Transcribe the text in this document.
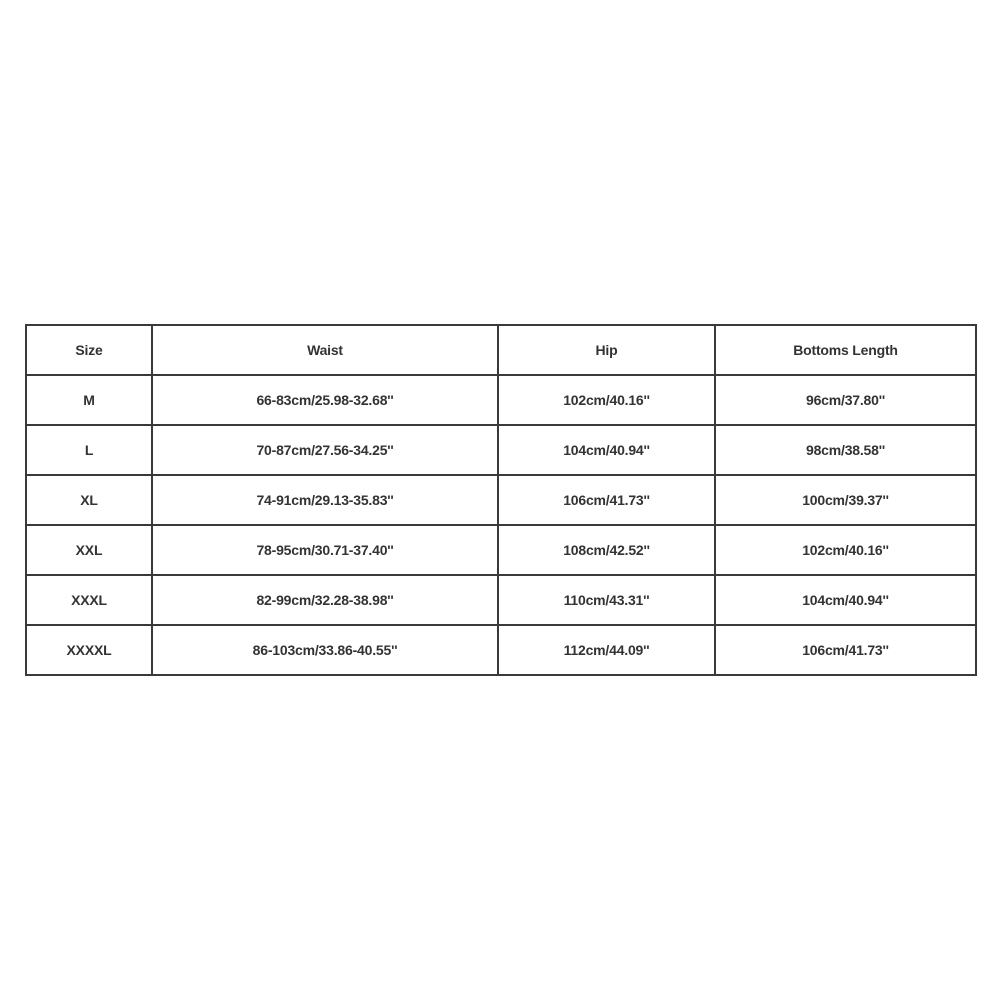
Size	Waist	Hip	Bottoms Length
M	66-83cm/25.98-32.68''	102cm/40.16''	96cm/37.80''
L	70-87cm/27.56-34.25''	104cm/40.94''	98cm/38.58''
XL	74-91cm/29.13-35.83''	106cm/41.73''	100cm/39.37''
XXL	78-95cm/30.71-37.40''	108cm/42.52''	102cm/40.16''
XXXL	82-99cm/32.28-38.98''	110cm/43.31''	104cm/40.94''
XXXXL	86-103cm/33.86-40.55''	112cm/44.09''	106cm/41.73''
